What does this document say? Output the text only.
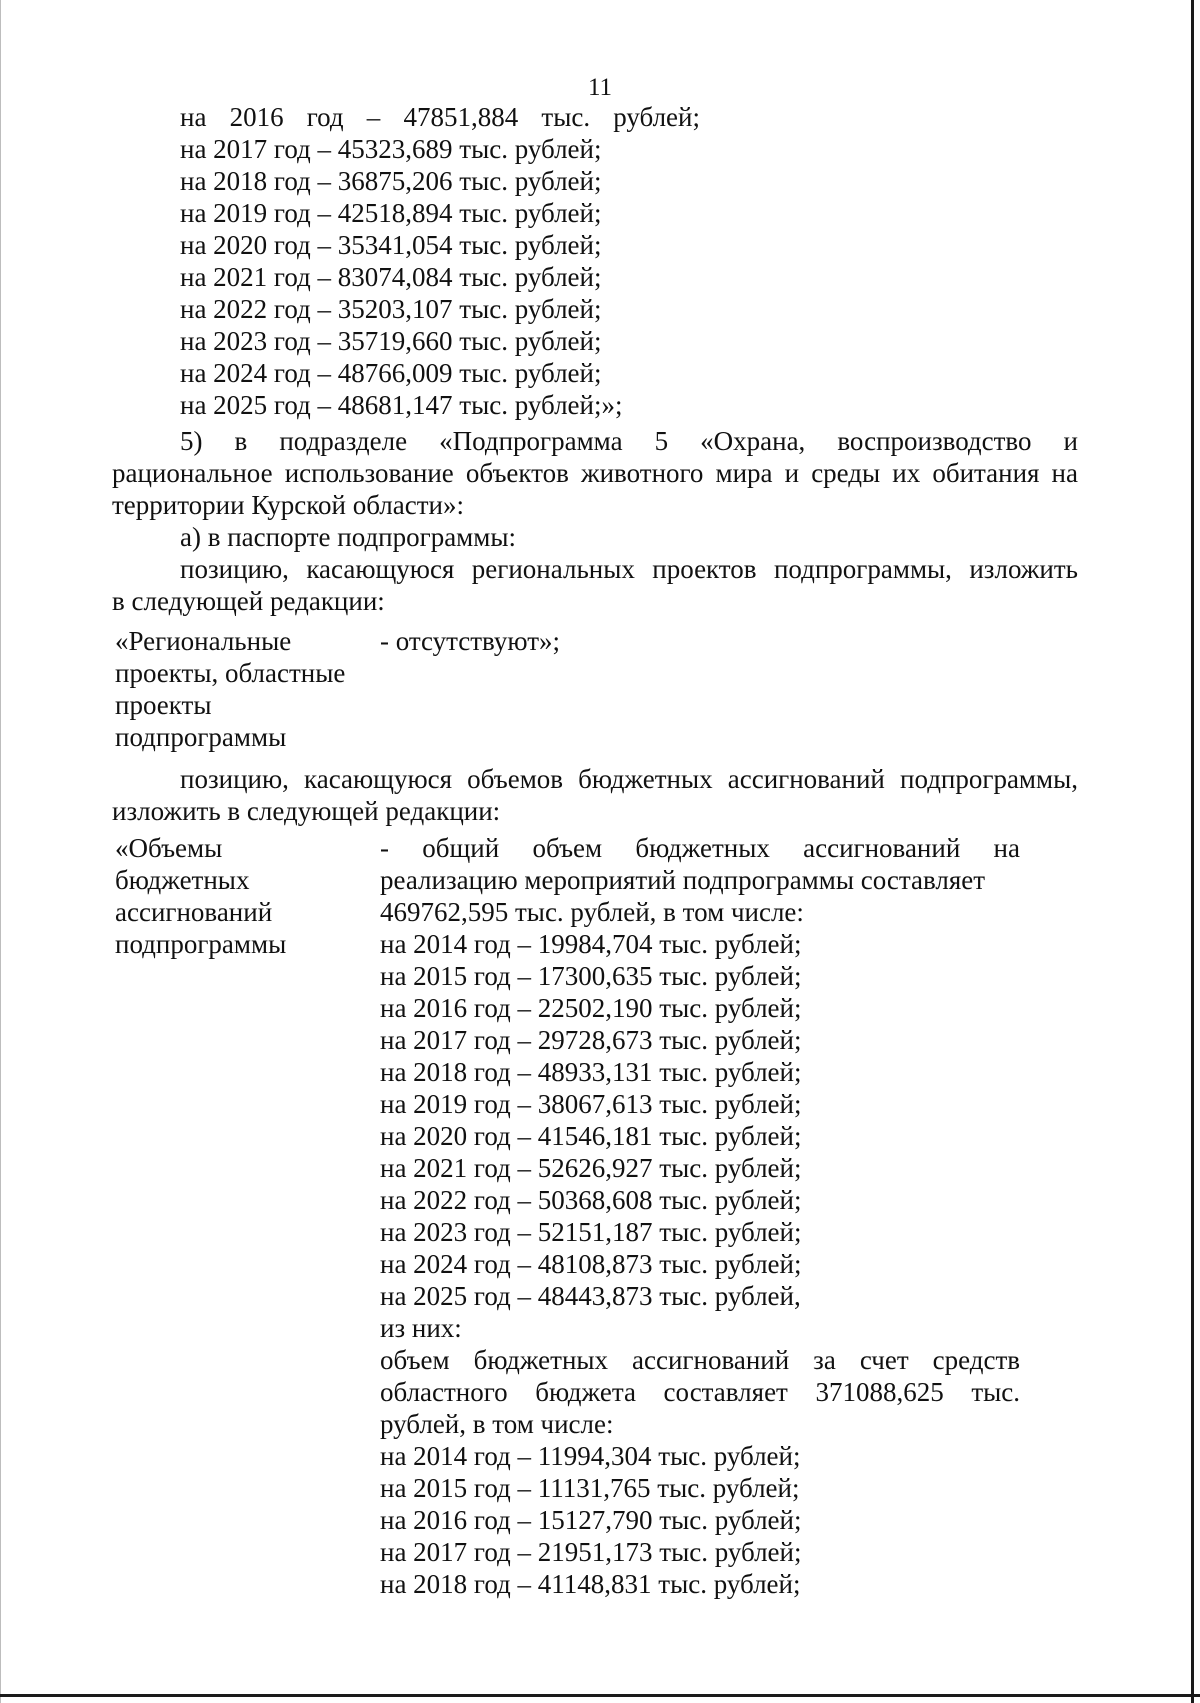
11
на 2016 год – 47851,884 тыс. рублей;
на 2017 год – 45323,689 тыс. рублей;
на 2018 год – 36875,206 тыс. рублей;
на 2019 год – 42518,894 тыс. рублей;
на 2020 год – 35341,054 тыс. рублей;
на 2021 год – 83074,084 тыс. рублей;
на 2022 год – 35203,107 тыс. рублей;
на 2023 год – 35719,660 тыс. рублей;
на 2024 год – 48766,009 тыс. рублей;
на 2025 год – 48681,147 тыс. рублей;»;
5) в подразделе «Подпрограмма 5 «Охрана, воспроизводство и
рациональное использование объектов животного мира и среды их обитания на
территории Курской области»:
а) в паспорте подпрограммы:
позицию, касающуюся региональных проектов подпрограммы, изложить
в следующей редакции:
«Региональные
проекты, областные
проекты
подпрограммы
- отсутствуют»;
позицию, касающуюся объемов бюджетных ассигнований подпрограммы,
изложить в следующей редакции:
«Объемы
бюджетных
ассигнований
подпрограммы
- общий объем бюджетных ассигнований на
реализацию мероприятий подпрограммы составляет
469762,595 тыс. рублей, в том числе:
на 2014 год – 19984,704 тыс. рублей;
на 2015 год – 17300,635 тыс. рублей;
на 2016 год – 22502,190 тыс. рублей;
на 2017 год – 29728,673 тыс. рублей;
на 2018 год – 48933,131 тыс. рублей;
на 2019 год – 38067,613 тыс. рублей;
на 2020 год – 41546,181 тыс. рублей;
на 2021 год – 52626,927 тыс. рублей;
на 2022 год – 50368,608 тыс. рублей;
на 2023 год – 52151,187 тыс. рублей;
на 2024 год – 48108,873 тыс. рублей;
на 2025 год – 48443,873 тыс. рублей,
из них:
объем бюджетных ассигнований за счет средств
областного бюджета составляет 371088,625 тыс.
рублей, в том числе:
на 2014 год – 11994,304 тыс. рублей;
на 2015 год – 11131,765 тыс. рублей;
на 2016 год – 15127,790 тыс. рублей;
на 2017 год – 21951,173 тыс. рублей;
на 2018 год – 41148,831 тыс. рублей;
